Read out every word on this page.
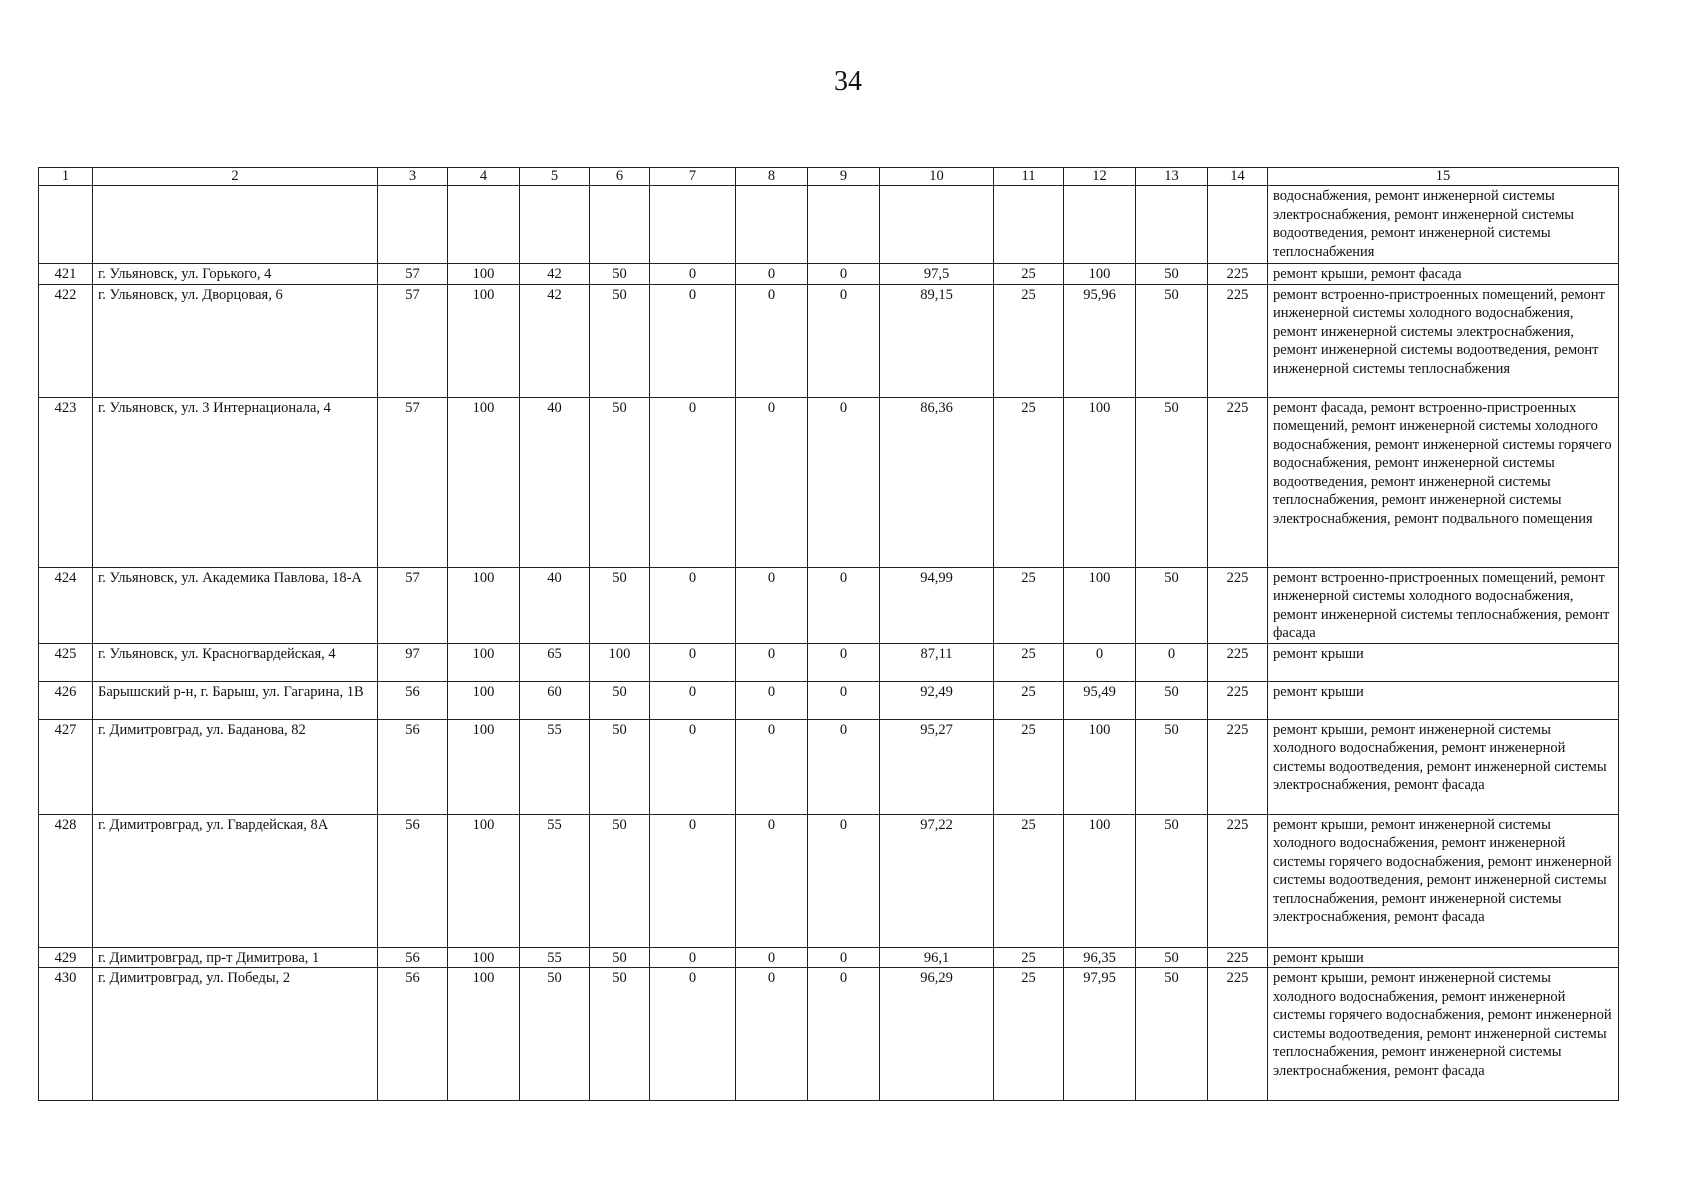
34
1	2	3	4	5	6	7	8	9	10	11	12	13	14	15
														водоснабжения, ремонт инженерной системы электроснабжения, ремонт инженерной системы водоотведения, ремонт инженерной системы теплоснабжения
421	г. Ульяновск, ул. Горького, 4	57	100	42	50	0	0	0	97,5	25	100	50	225	ремонт крыши, ремонт фасада
422	г. Ульяновск, ул. Дворцовая, 6	57	100	42	50	0	0	0	89,15	25	95,96	50	225	ремонт встроенно-пристроенных помещений, ремонт инженерной системы холодного водоснабжения, ремонт инженерной системы электроснабжения, ремонт инженерной системы водоотведения, ремонт инженерной системы теплоснабжения
423	г. Ульяновск, ул. 3 Интернационала, 4	57	100	40	50	0	0	0	86,36	25	100	50	225	ремонт фасада, ремонт встроенно-пристроенных помещений, ремонт инженерной системы холодного водоснабжения, ремонт инженерной системы горячего водоснабжения, ремонт инженерной системы водоотведения, ремонт инженерной системы теплоснабжения, ремонт инженерной системы электроснабжения, ремонт подвального помещения
424	г. Ульяновск, ул. Академика Павлова, 18-А	57	100	40	50	0	0	0	94,99	25	100	50	225	ремонт встроенно-пристроенных помещений, ремонт инженерной системы холодного водоснабжения, ремонт инженерной системы теплоснабжения, ремонт фасада
425	г. Ульяновск, ул. Красногвардейская, 4	97	100	65	100	0	0	0	87,11	25	0	0	225	ремонт крыши
426	Барышский р-н, г. Барыш, ул. Гагарина, 1В	56	100	60	50	0	0	0	92,49	25	95,49	50	225	ремонт крыши
427	г. Димитровград, ул. Баданова, 82	56	100	55	50	0	0	0	95,27	25	100	50	225	ремонт крыши, ремонт инженерной системы холодного водоснабжения, ремонт инженерной системы водоотведения, ремонт инженерной системы электроснабжения, ремонт фасада
428	г. Димитровград, ул. Гвардейская, 8А	56	100	55	50	0	0	0	97,22	25	100	50	225	ремонт крыши, ремонт инженерной системы холодного водоснабжения, ремонт инженерной системы горячего водоснабжения, ремонт инженерной системы водоотведения, ремонт инженерной системы теплоснабжения, ремонт инженерной системы электроснабжения, ремонт фасада
429	г. Димитровград, пр-т Димитрова, 1	56	100	55	50	0	0	0	96,1	25	96,35	50	225	ремонт крыши
430	г. Димитровград, ул. Победы, 2	56	100	50	50	0	0	0	96,29	25	97,95	50	225	ремонт крыши, ремонт инженерной системы холодного водоснабжения, ремонт инженерной системы горячего водоснабжения, ремонт инженерной системы водоотведения, ремонт инженерной системы теплоснабжения, ремонт инженерной системы электроснабжения, ремонт фасада
